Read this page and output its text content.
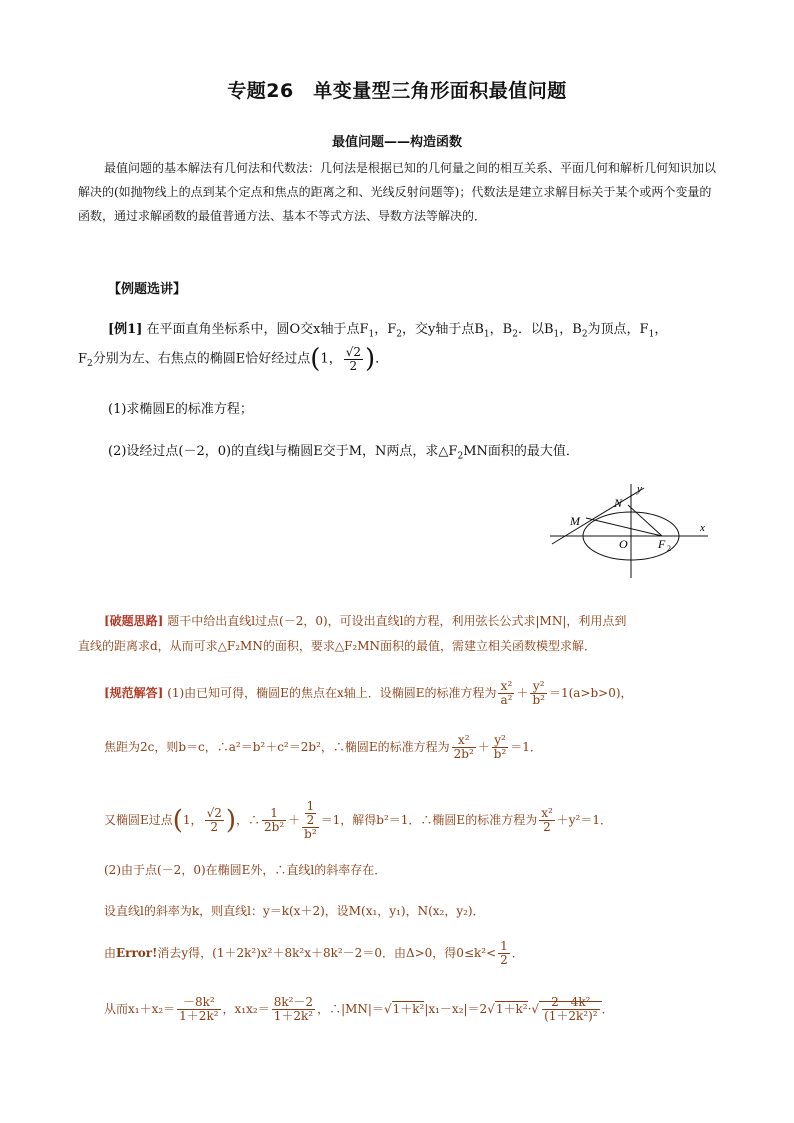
专题26　单变量型三角形面积最值问题
最值问题——构造函数
最值问题的基本解法有几何法和代数法：几何法是根据已知的几何量之间的相互关系、平面几何和解析几何知识加以解决的(如抛物线上的点到某个定点和焦点的距离之和、光线反射问题等)；代数法是建立求解目标关于某个或两个变量的函数，通过求解函数的最值普通方法、基本不等式方法、导数方法等解决的．
【例题选讲】
[例1] 在平面直角坐标系中，圆O交x轴于点$F_1$，$F_2$，交y轴于点$B_1$，$B_2$．以$B_1$，$B_2$为顶点，$F_1$，
$F_2$分别为左、右焦点的椭圆E恰好经过点(1， $\frac{√2}{2}$ )．
(1)求椭圆E的标准方程；
(2)设经过点(－2，0)的直线l与椭圆E交于M，N两点，求$\triangle F_2MN$面积的最大值．
y
x
N
M
O	F 2
[破题思路] 题干中给出直线l过点(－2，0)，可设出直线l的方程，利用弦长公式求|MN|，利用点到
直线的距离求d，从而可求△F₂MN的面积，要求△F₂MN面积的最值，需建立相关函数模型求解．
[规范解答] (1)由已知可得，椭圆E的焦点在x轴上．设椭圆E的标准方程为 $\frac{\text{x²}}{\text{a²}} + \frac{\text{y²}}{\text{b²}} =1(a>b>0)$，
焦距为2c，则b＝c，∴a²＝b²＋c²＝2b²，∴椭圆E的标准方程为 $\frac{\text{x²}}{\text{2b²}} + \frac{\text{y²}}{\text{b²}} =1$．
又椭圆E过点(1， $\frac{√2}{2}$ )，∴ $\frac{1}{\text{2b²}} + \frac{\frac{1}{2}}{\text{b²}} =1$，解得b²＝1．∴椭圆E的标准方程为 $\frac{\text{x²}}{2} +y^2=1$．
(2)由于点(－2，0)在椭圆E外，∴直线l的斜率存在．
设直线l的斜率为k，则直线l：y＝k(x＋2)，设M(x₁，y₁)，N(x₂，y₂)．
由Error!消去y得，(1＋2k²)x²＋8k²x＋8k²－2＝0．由Δ>0，得$0\le k^2< \frac{1}{2}$ ．
从而$x_1+x_2= \frac{\text{－8k²}}{\text{1＋2k²}}$ ，$x_1x_2= \frac{\text{8k²－2}}{\text{1＋2k²}}$ ，∴|MN|＝√1＋k²|x₁－x₂|＝2√1＋k²·√ $\frac{\text{2－4k²}}{\text{(1＋2k²)²}}$ ．
